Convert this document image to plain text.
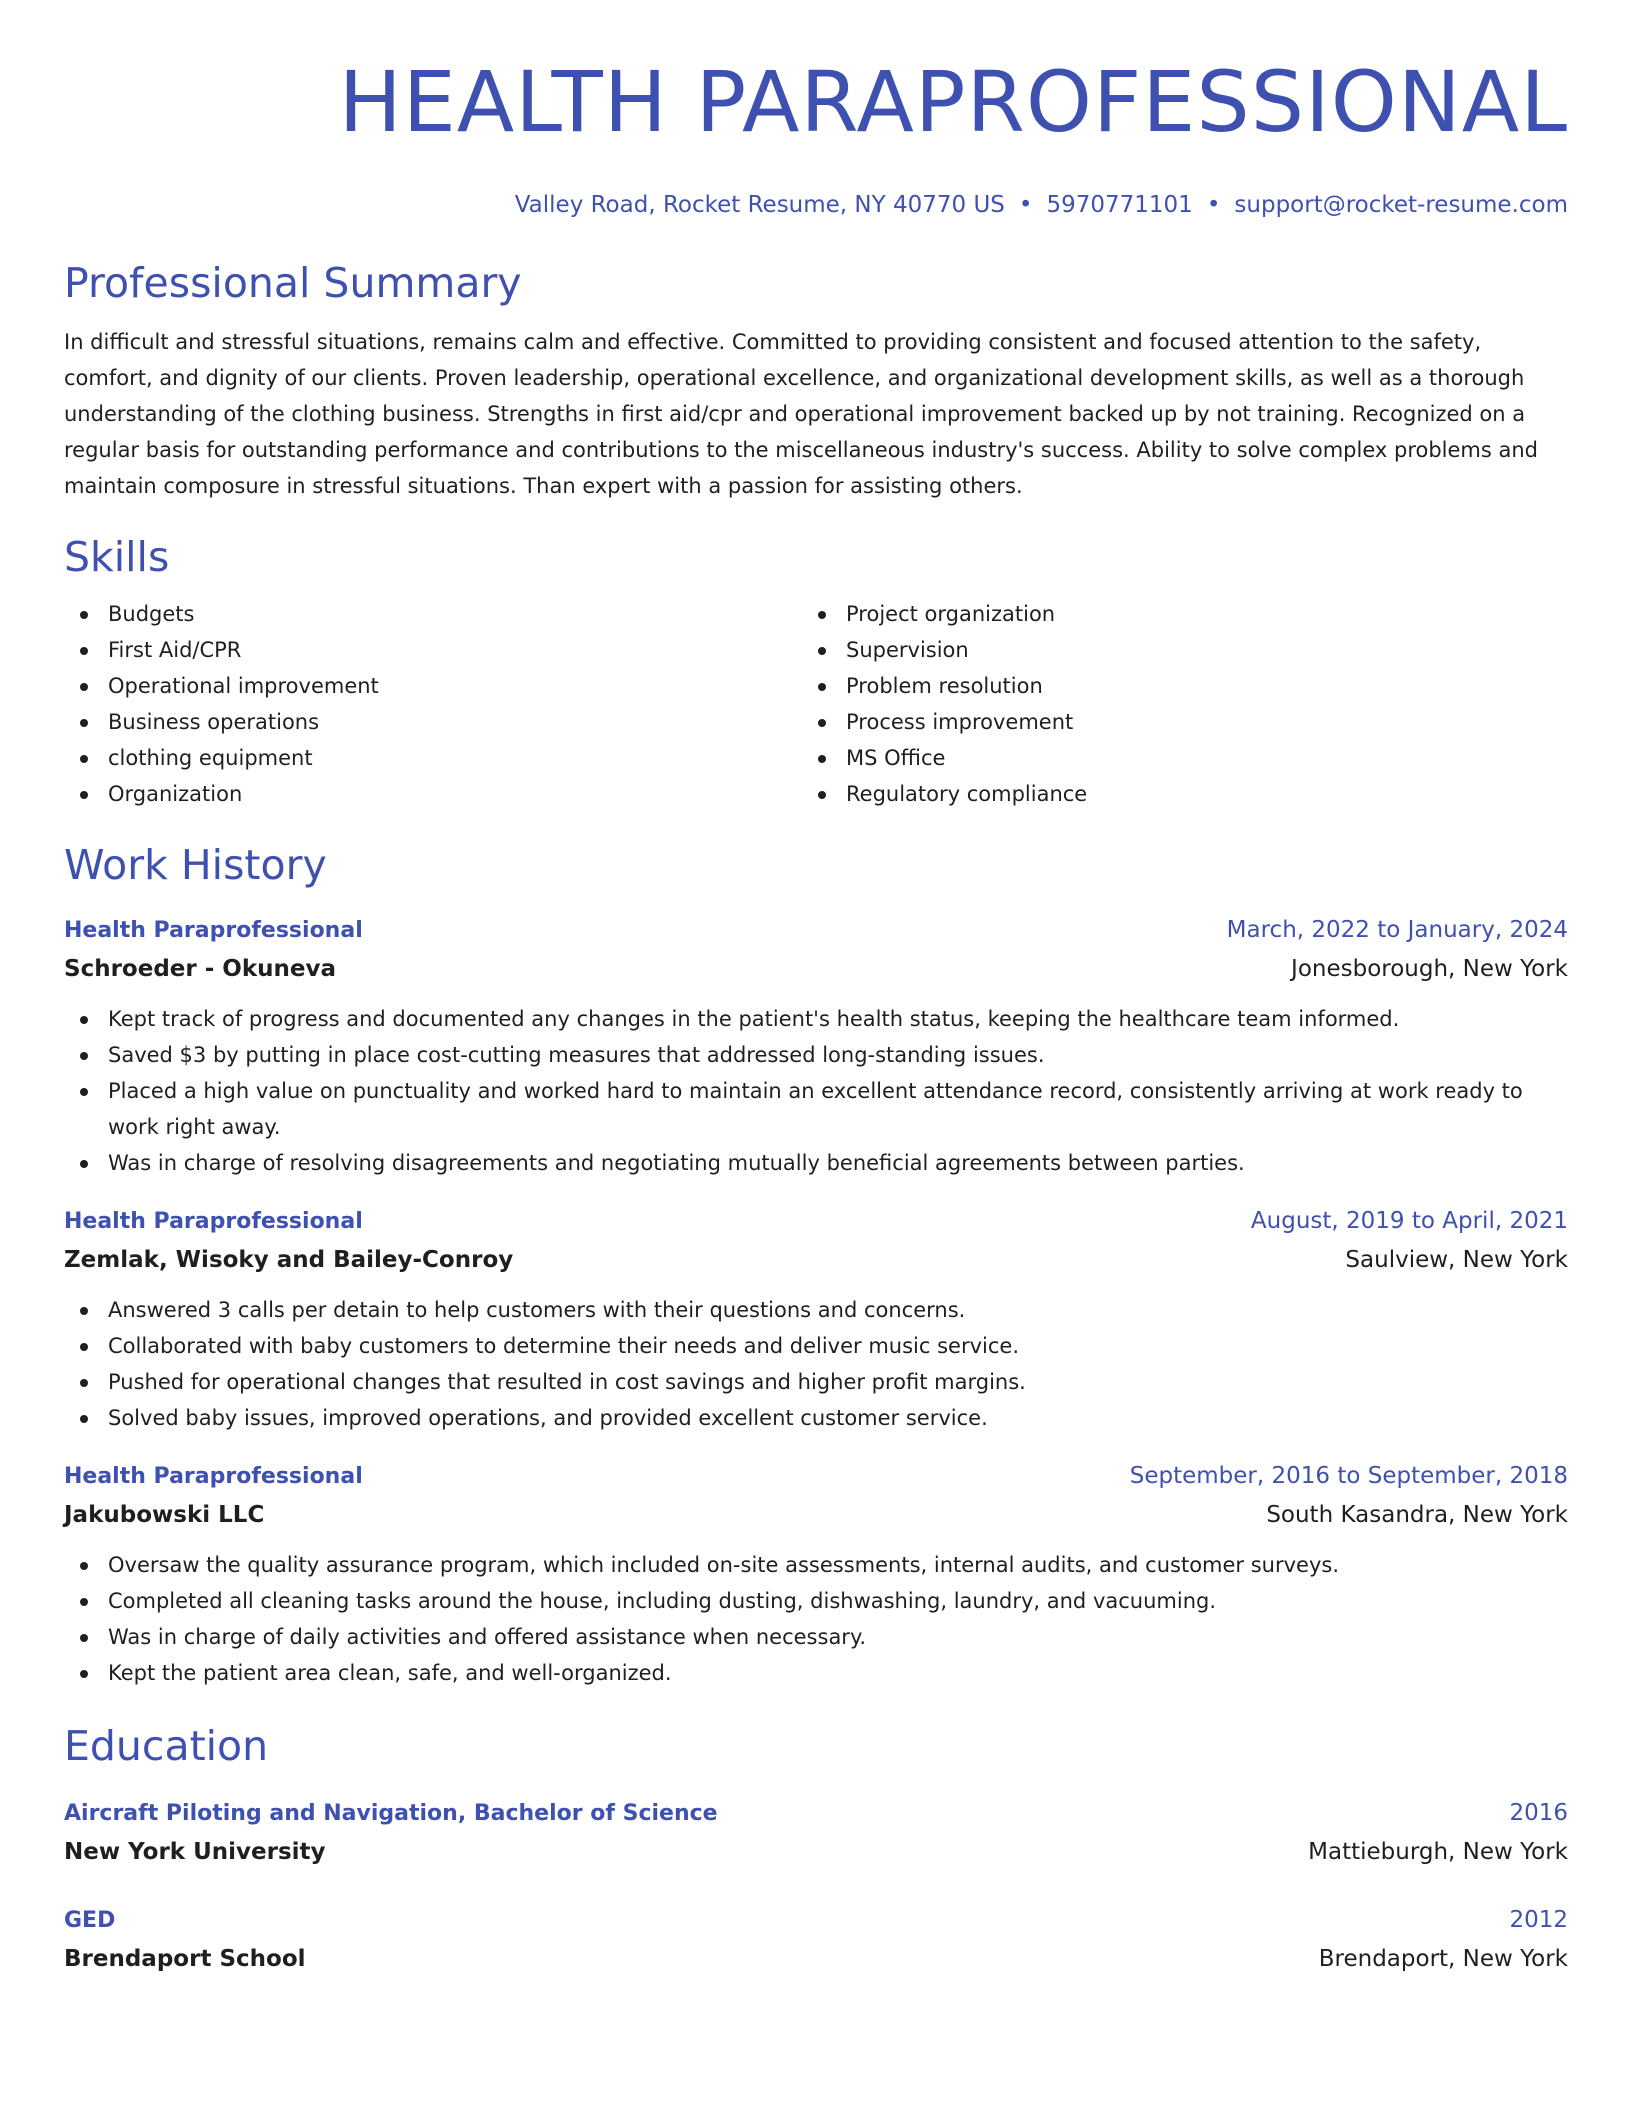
HEALTH PARAPROFESSIONAL
Valley Road, Rocket Resume, NY 40770 US • 5970771101 • support@rocket-resume.com
Professional Summary

In difficult and stressful situations, remains calm and effective. Committed to providing consistent and focused attention to the safety, comfort, and dignity of our clients. Proven leadership, operational excellence, and organizational development skills, as well as a thorough understanding of the clothing business. Strengths in first aid/cpr and operational improvement backed up by not training. Recognized on a regular basis for outstanding performance and contributions to the miscellaneous industry's success. Ability to solve complex problems and maintain composure in stressful situations. Than expert with a passion for assisting others.

Skills
Budgets
First Aid/CPR
Operational improvement
Business operations
clothing equipment
Organization
Project organization
Supervision
Problem resolution
Process improvement
MS Office
Regulatory compliance
Work History
Health Paraprofessional	March, 2022 to January, 2024
Schroeder - Okuneva	Jonesborough, New York
Kept track of progress and documented any changes in the patient's health status, keeping the healthcare team informed.
Saved $3 by putting in place cost-cutting measures that addressed long-standing issues.
Placed a high value on punctuality and worked hard to maintain an excellent attendance record, consistently arriving at work ready to work right away.
Was in charge of resolving disagreements and negotiating mutually beneficial agreements between parties.
Health Paraprofessional	August, 2019 to April, 2021
Zemlak, Wisoky and Bailey-Conroy	Saulview, New York
Answered 3 calls per detain to help customers with their questions and concerns.
Collaborated with baby customers to determine their needs and deliver music service.
Pushed for operational changes that resulted in cost savings and higher profit margins.
Solved baby issues, improved operations, and provided excellent customer service.
Health Paraprofessional	September, 2016 to September, 2018
Jakubowski LLC	South Kasandra, New York
Oversaw the quality assurance program, which included on-site assessments, internal audits, and customer surveys.
Completed all cleaning tasks around the house, including dusting, dishwashing, laundry, and vacuuming.
Was in charge of daily activities and offered assistance when necessary.
Kept the patient area clean, safe, and well-organized.
Education
Aircraft Piloting and Navigation, Bachelor of Science	2016
New York University	Mattieburgh, New York
GED	2012
Brendaport School	Brendaport, New York
